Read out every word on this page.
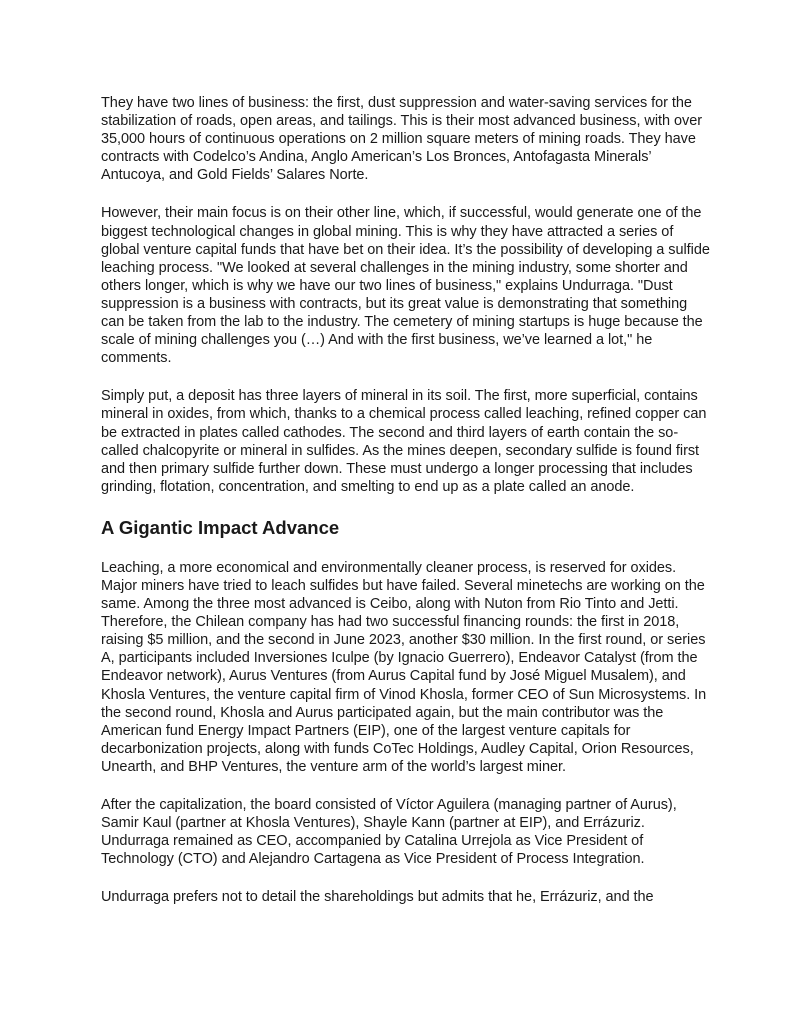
They have two lines of business: the first, dust suppression and water-saving services for the stabilization of roads, open areas, and tailings. This is their most advanced business, with over 35,000 hours of continuous operations on 2 million square meters of mining roads. They have contracts with Codelco’s Andina, Anglo American’s Los Bronces, Antofagasta Minerals’ Antucoya, and Gold Fields’ Salares Norte.

However, their main focus is on their other line, which, if successful, would generate one of the biggest technological changes in global mining. This is why they have attracted a series of global venture capital funds that have bet on their idea. It’s the possibility of developing a sulfide leaching process. "We looked at several challenges in the mining industry, some shorter and others longer, which is why we have our two lines of business," explains Undurraga. "Dust suppression is a business with contracts, but its great value is demonstrating that something can be taken from the lab to the industry. The cemetery of mining startups is huge because the scale of mining challenges you (…) And with the first business, we’ve learned a lot," he comments.

Simply put, a deposit has three layers of mineral in its soil. The first, more superficial, contains mineral in oxides, from which, thanks to a chemical process called leaching, refined copper can be extracted in plates called cathodes. The second and third layers of earth contain the so-called chalcopyrite or mineral in sulfides. As the mines deepen, secondary sulfide is found first and then primary sulfide further down. These must undergo a longer processing that includes grinding, flotation, concentration, and smelting to end up as a plate called an anode.

A Gigantic Impact Advance

Leaching, a more economical and environmentally cleaner process, is reserved for oxides. Major miners have tried to leach sulfides but have failed. Several minetechs are working on the same. Among the three most advanced is Ceibo, along with Nuton from Rio Tinto and Jetti. Therefore, the Chilean company has had two successful financing rounds: the first in 2018, raising $5 million, and the second in June 2023, another $30 million. In the first round, or series A, participants included Inversiones Iculpe (by Ignacio Guerrero), Endeavor Catalyst (from the Endeavor network), Aurus Ventures (from Aurus Capital fund by José Miguel Musalem), and Khosla Ventures, the venture capital firm of Vinod Khosla, former CEO of Sun Microsystems. In the second round, Khosla and Aurus participated again, but the main contributor was the American fund Energy Impact Partners (EIP), one of the largest venture capitals for decarbonization projects, along with funds CoTec Holdings, Audley Capital, Orion Resources, Unearth, and BHP Ventures, the venture arm of the world’s largest miner.

After the capitalization, the board consisted of Víctor Aguilera (managing partner of Aurus), Samir Kaul (partner at Khosla Ventures), Shayle Kann (partner at EIP), and Errázuriz. Undurraga remained as CEO, accompanied by Catalina Urrejola as Vice President of Technology (CTO) and Alejandro Cartagena as Vice President of Process Integration.

Undurraga prefers not to detail the shareholdings but admits that he, Errázuriz, and the
